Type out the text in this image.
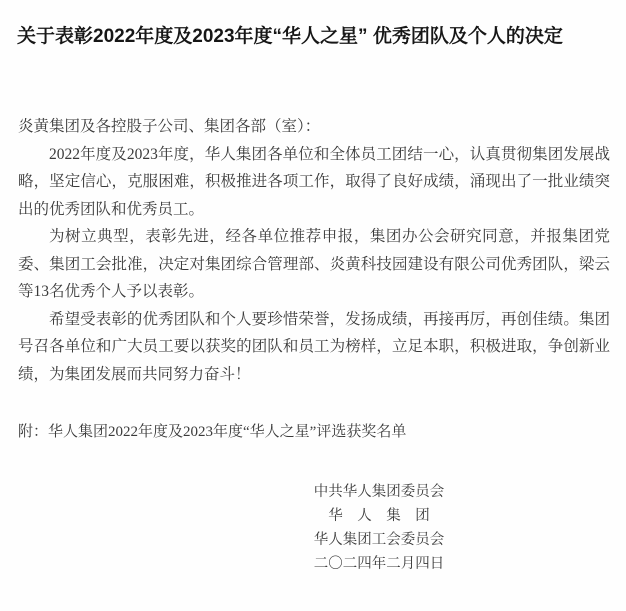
关于表彰2022年度及2023年度“华人之星” 优秀团队及个人的决定

炎黄集团及各控股子公司、集团各部（室）：

2022年度及2023年度，华人集团各单位和全体员工团结一心，认真贯彻集团发展战略，坚定信心，克服困难，积极推进各项工作，取得了良好成绩，涌现出了一批业绩突出的优秀团队和优秀员工。

为树立典型，表彰先进，经各单位推荐申报，集团办公会研究同意，并报集团党委、集团工会批准，决定对集团综合管理部、炎黄科技园建设有限公司优秀团队，梁云等13名优秀个人予以表彰。

希望受表彰的优秀团队和个人要珍惜荣誉，发扬成绩，再接再厉，再创佳绩。集团号召各单位和广大员工要以获奖的团队和员工为榜样，立足本职，积极进取，争创新业绩，为集团发展而共同努力奋斗！

附：华人集团2022年度及2023年度“华人之星”评选获奖名单
中共华人集团委员会
华　人　集　团
华人集团工会委员会
二〇二四年二月四日
